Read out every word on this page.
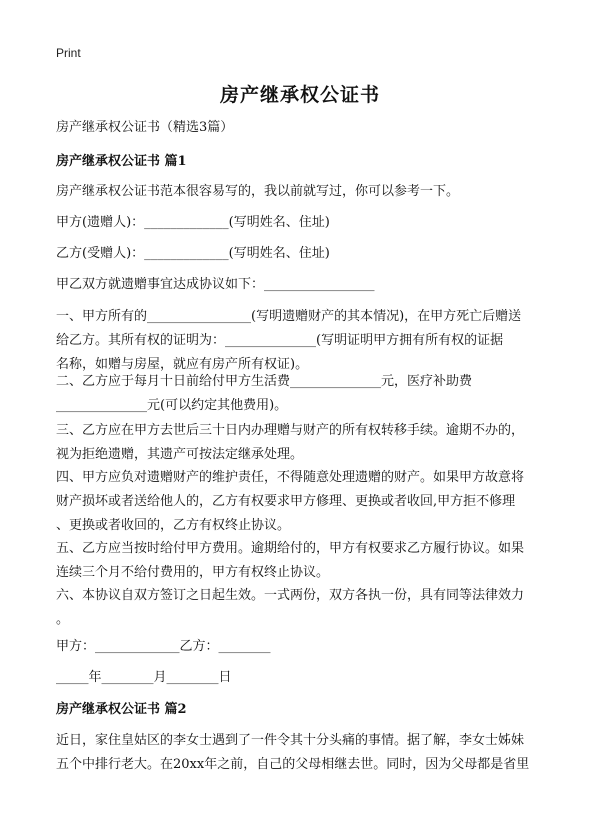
Print
房产继承权公证书
房产继承权公证书（精选3篇）
房产继承权公证书 篇1
房产继承权公证书范本很容易写的，我以前就写过，你可以参考一下。
甲方(遗赠人)：_____________(写明姓名、住址)
乙方(受赠人)：_____________(写明姓名、住址)
甲乙双方就遗赠事宜达成协议如下：_________________
一、甲方所有的________________(写明遗赠财产的其本情况)，在甲方死亡后赠送
给乙方。其所有权的证明为：______________(写明证明甲方拥有所有权的证据
名称，如赠与房屋，就应有房产所有权证)。
二、乙方应于每月十日前给付甲方生活费______________元，医疗补助费
______________元(可以约定其他费用)。
三、乙方应在甲方去世后三十日内办理赠与财产的所有权转移手续。逾期不办的，
视为拒绝遗赠，其遗产可按法定继承处理。
四、甲方应负对遗赠财产的维护责任，不得随意处理遗赠的财产。如果甲方故意将
财产损坏或者送给他人的，乙方有权要求甲方修理、更换或者收回,甲方拒不修理
、更换或者收回的，乙方有权终止协议。
五、乙方应当按时给付甲方费用。逾期给付的，甲方有权要求乙方履行协议。如果
连续三个月不给付费用的，甲方有权终止协议。
六、本协议自双方签订之日起生效。一式两份，双方各执一份，具有同等法律效力
。
甲方：_____________乙方：________
_____年________月________日
房产继承权公证书 篇2
近日，家住皇姑区的李女士遇到了一件令其十分头痛的事情。据了解，李女士姊妹
五个中排行老大。在20xx年之前，自己的父母相继去世。同时，因为父母都是省里
